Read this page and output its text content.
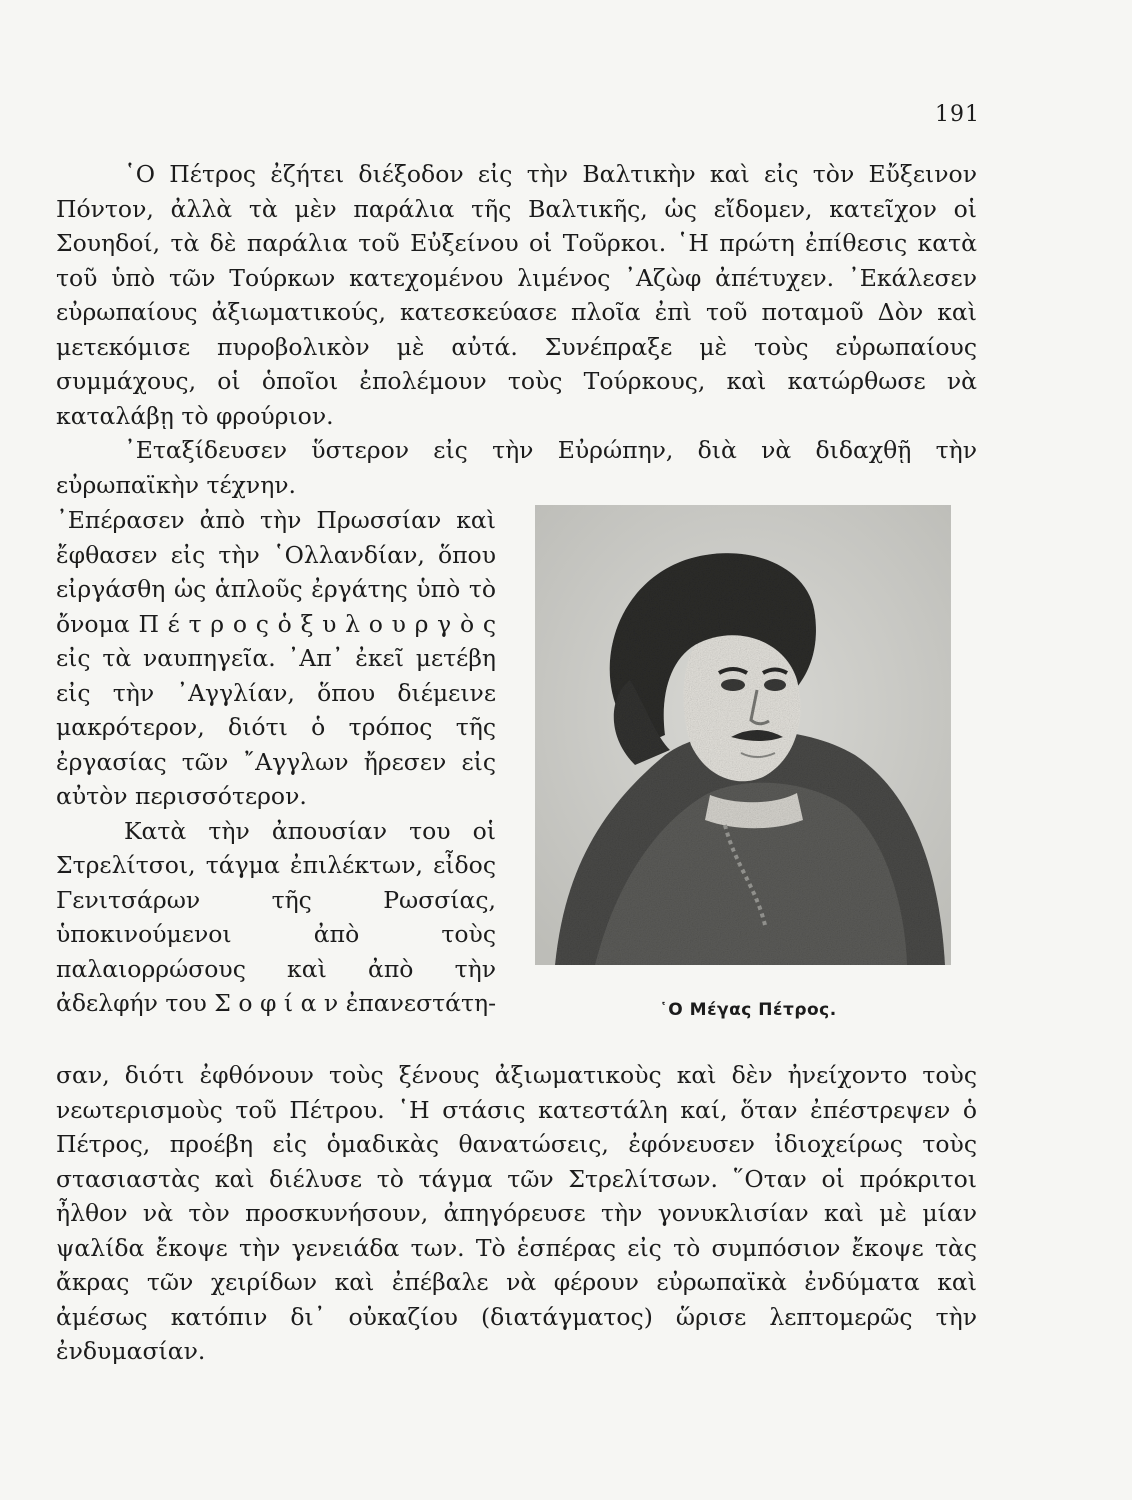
191

῾Ο Πέτρος ἐζήτει διέξοδον εἰς τὴν Βαλτικὴν καὶ εἰς τὸν Εὔξεινον Πόντον, ἀλλὰ τὰ μὲν παράλια τῆς Βαλτικῆς, ὡς εἴδομεν, κατεῖχον οἱ Σουηδοί, τὰ δὲ παράλια τοῦ Εὐξείνου οἱ Τοῦρκοι. ῾Η πρώτη ἐπίθεσις κατὰ τοῦ ὑπὸ τῶν Τούρκων κατεχομένου λιμένος ᾿Αζὼφ ἀπέτυχεν. ᾿Εκάλεσεν εὐρωπαίους ἀξιωματικούς, κατεσκεύασε πλοῖα ἐπὶ τοῦ ποταμοῦ Δὸν καὶ μετεκόμισε πυροβολικὸν μὲ αὐτά. Συνέπραξε μὲ τοὺς εὐρωπαίους συμμάχους, οἱ ὁποῖοι ἐπολέμουν τοὺς Τούρκους, καὶ κατώρθωσε νὰ καταλάβῃ τὸ φρούριον.

᾿Εταξίδευσεν ὕστερον εἰς τὴν Εὐρώπην, διὰ νὰ διδαχθῇ τὴν εὐρωπαϊκὴν τέχνην.

᾿Επέρασεν ἀπὸ τὴν Πρωσσίαν καὶ ἔφθασεν εἰς τὴν ῾Ολλανδίαν, ὅπου εἰργάσθη ὡς ἁπλοῦς ἐργάτης ὑπὸ τὸ ὄνομα Π έ τ ρ ο ς ὁ ξ υ λ ο υ ρ γ ὸ ς εἰς τὰ ναυπηγεῖα. ᾿Απ᾿ ἐκεῖ μετέβη εἰς τὴν ᾿Αγγλίαν, ὅπου διέμεινε μακρότερον, διότι ὁ τρόπος τῆς ἐργασίας τῶν ῎Αγγλων ἤρεσεν εἰς αὐτὸν περισσότερον.

Κατὰ τὴν ἀπουσίαν του οἱ Στρελίτσοι, τάγμα ἐπιλέκτων, εἶδος Γενιτσάρων τῆς Ρωσσίας, ὑποκινούμενοι ἀπὸ τοὺς παλαιορρώσους καὶ ἀπὸ τὴν ἀδελφήν του Σ ο φ ί α ν ἐπανεστάτη-	῾Ο Μέγας Πέτρος.

σαν, διότι ἐφθόνουν τοὺς ξένους ἀξιωματικοὺς καὶ δὲν ἠνείχοντο τοὺς νεωτερισμοὺς τοῦ Πέτρου. ῾Η στάσις κατεστάλη καί, ὅταν ἐπέστρεψεν ὁ Πέτρος, προέβη εἰς ὁμαδικὰς θανατώσεις, ἐφόνευσεν ἰδιοχείρως τοὺς στασιαστὰς καὶ διέλυσε τὸ τάγμα τῶν Στρελίτσων. ῞Οταν οἱ πρόκριτοι ἦλθον νὰ τὸν προσκυνήσουν, ἀπηγόρευσε τὴν γονυκλισίαν καὶ μὲ μίαν ψαλίδα ἔκοψε τὴν γενειάδα των. Τὸ ἑσπέρας εἰς τὸ συμπόσιον ἔκοψε τὰς ἄκρας τῶν χειρίδων καὶ ἐπέβαλε νὰ φέρουν εὐρωπαϊκὰ ἐνδύματα καὶ ἀμέσως κατόπιν δι᾿ οὐκαζίου (διατάγματος) ὥρισε λεπτομερῶς τὴν ἐνδυμασίαν.
